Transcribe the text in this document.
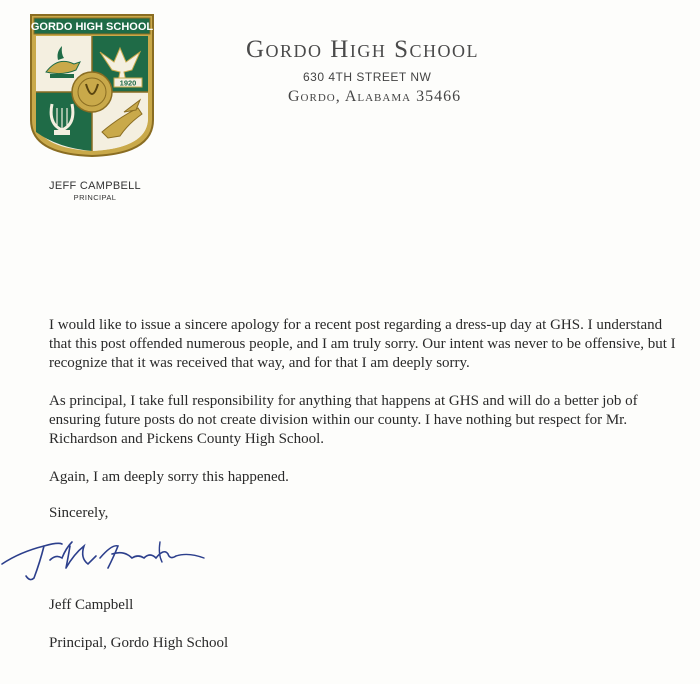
GORDO HIGH SCHOOL
1920
JEFF CAMPBELL
PRINCIPAL
Gordo High School
630 4TH STREET NW
Gordo, Alabama 35466
I would like to issue a sincere apology for a recent post regarding a dress-up day at GHS. I understand that this post offended numerous people, and I am truly sorry. Our intent was never to be offensive, but I recognize that it was received that way, and for that I am deeply sorry.
As principal, I take full responsibility for anything that happens at GHS and will do a better job of ensuring future posts do not create division within our county. I have nothing but respect for Mr. Richardson and Pickens County High School.
Again, I am deeply sorry this happened.
Sincerely,
Jeff Campbell
Principal, Gordo High School
